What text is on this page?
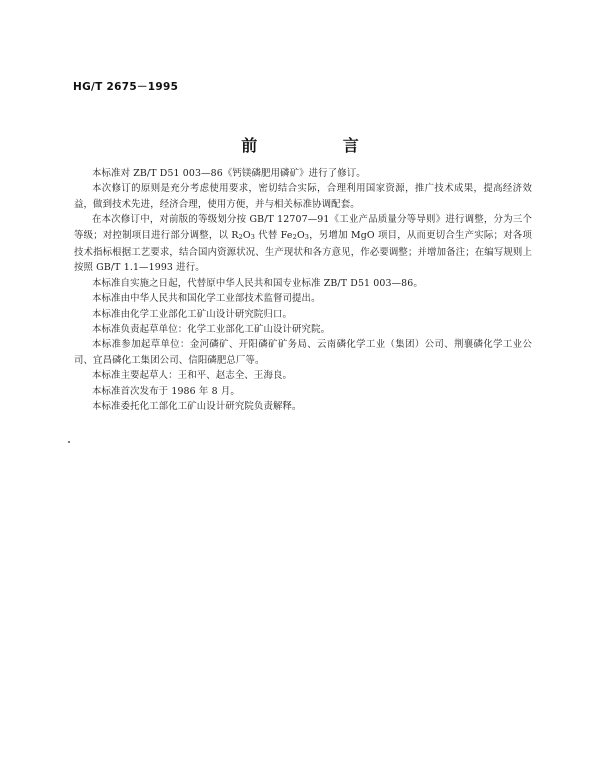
HG/T 2675－1995
前 言

本标准对 ZB/T D51 003—86《钙镁磷肥用磷矿》进行了修订。

本次修订的原则是充分考虑使用要求，密切结合实际，合理利用国家资源，推广技术成果，提高经济效益，做到技术先进，经济合理，使用方便，并与相关标准协调配套。

在本次修订中，对前版的等级划分按 GB/T 12707—91《工业产品质量分等导则》进行调整，分为三个等级；对控制项目进行部分调整，以 R2O3 代替 Fe2O3，另增加 MgO 项目，从而更切合生产实际；对各项技术指标根据工艺要求，结合国内资源状况、生产现状和各方意见，作必要调整；并增加备注；在编写规则上按照 GB/T 1.1—1993 进行。

本标准自实施之日起，代替原中华人民共和国专业标准 ZB/T D51 003—86。

本标准由中华人民共和国化学工业部技术监督司提出。

本标准由化学工业部化工矿山设计研究院归口。

本标准负责起草单位：化学工业部化工矿山设计研究院。

本标准参加起草单位：金河磷矿、开阳磷矿矿务局、云南磷化学工业（集团）公司、荆襄磷化学工业公司、宜昌磷化工集团公司、信阳磷肥总厂等。

本标准主要起草人：王和平、赵志全、王海良。

本标准首次发布于 1986 年 8 月。

本标准委托化工部化工矿山设计研究院负责解释。
